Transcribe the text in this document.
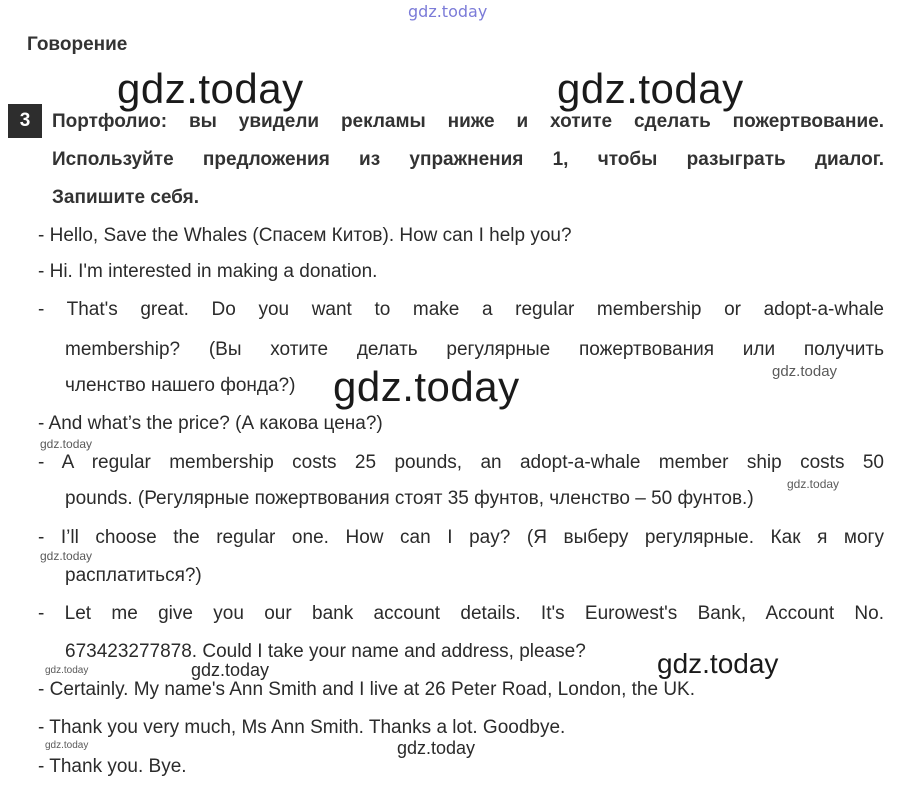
gdz.today
gdz.today	gdz.today
gdz.today	gdz.today
gdz.today
gdz.today
gdz.today
gdz.today	gdz.today	gdz.today
gdz.today	gdz.today
Говорение
3	Портфолио: вы увидели рекламы ниже и хотите сделать пожертвование.
Используйте предложения из упражнения 1, чтобы разыграть диалог.
Запишите себя.
- Hello, Save the Whales (Спасем Китов). How can I help you?
- Hi. I'm interested in making a donation.
- That's great. Do you want to make a regular membership or adopt-a-whale
membership? (Вы хотите делать регулярные пожертвования или получить
членство нашего фонда?)
- And what’s the price? (А какова цена?)
- A regular membership costs 25 pounds, an adopt-a-whale member ship costs 50
pounds. (Регулярные пожертвования стоят 35 фунтов, членство – 50 фунтов.)
- I’ll choose the regular one. How can I pay? (Я выберу регулярные. Как я могу
расплатиться?)
- Let me give you our bank account details. It's Eurowest's Bank, Account No.
673423277878. Could I take your name and address, please?
- Certainly. My name's Ann Smith and I live at 26 Peter Road, London, the UK.
- Thank you very much, Ms Ann Smith. Thanks a lot. Goodbye.
- Thank you. Bye.
